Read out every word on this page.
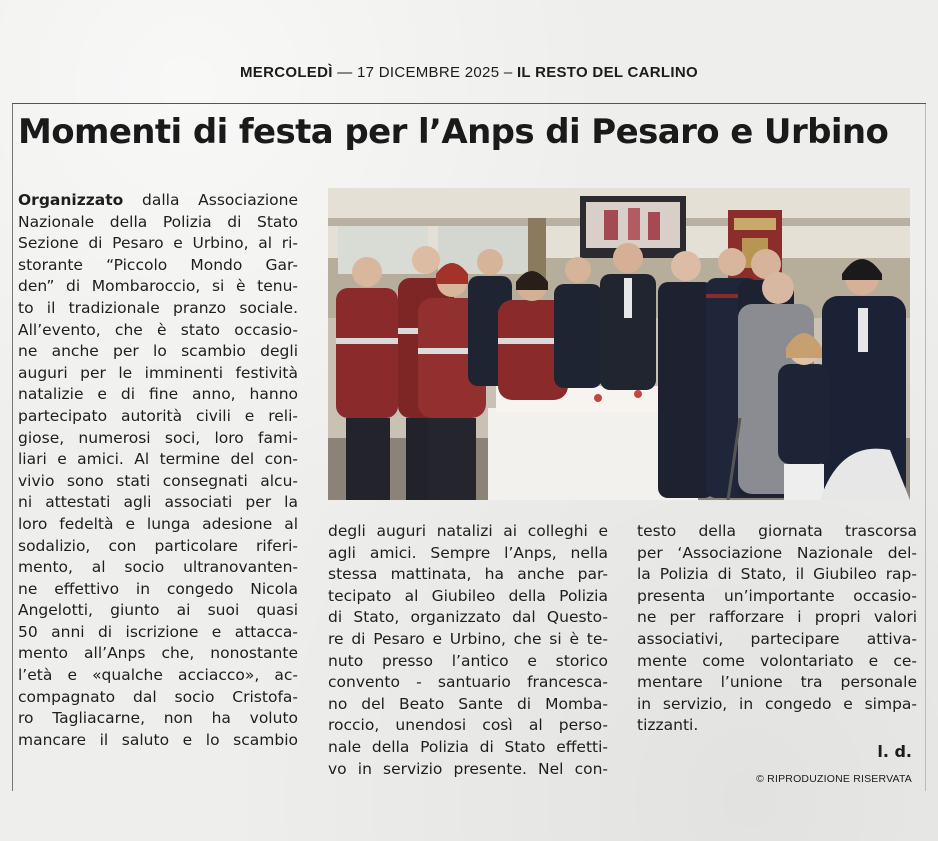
MERCOLEDÌ — 17 DICEMBRE 2025 – IL RESTO DEL CARLINO
Momenti di festa per l’Anps di Pesaro e Urbino
Organizzato dalla Associazione
Nazionale della Polizia di Stato
Sezione di Pesaro e Urbino, al ri-
storante “Piccolo Mondo Gar-
den” di Mombaroccio, si è tenu-
to il tradizionale pranzo sociale.
All’evento, che è stato occasio-
ne anche per lo scambio degli
auguri per le imminenti festività
natalizie e di fine anno, hanno
partecipato autorità civili e reli-
giose, numerosi soci, loro fami-
liari e amici. Al termine del con-
vivio sono stati consegnati alcu-
ni attestati agli associati per la
loro fedeltà e lunga adesione al
sodalizio, con particolare riferi-
mento, al socio ultranovanten-
ne effettivo in congedo Nicola
Angelotti, giunto ai suoi quasi
50 anni di iscrizione e attacca-
mento all’Anps che, nonostante
l’età e «qualche acciacco», ac-
compagnato dal socio Cristofa-
ro Tagliacarne, non ha voluto
mancare il saluto e lo scambio
degli auguri natalizi ai colleghi e
agli amici. Sempre l’Anps, nella
stessa mattinata, ha anche par-
tecipato al Giubileo della Polizia
di Stato, organizzato dal Questo-
re di Pesaro e Urbino, che si è te-
nuto presso l’antico e storico
convento - santuario francesca-
no del Beato Sante di Momba-
roccio, unendosi così al perso-
nale della Polizia di Stato effetti-
vo in servizio presente. Nel con-
testo della giornata trascorsa
per ‘Associazione Nazionale del-
la Polizia di Stato, il Giubileo rap-
presenta un’importante occasio-
ne per rafforzare i propri valori
associativi, partecipare attiva-
mente come volontariato e ce-
mentare l’unione tra personale
in servizio, in congedo e simpa-
tizzanti.
l. d.
© RIPRODUZIONE RISERVATA
